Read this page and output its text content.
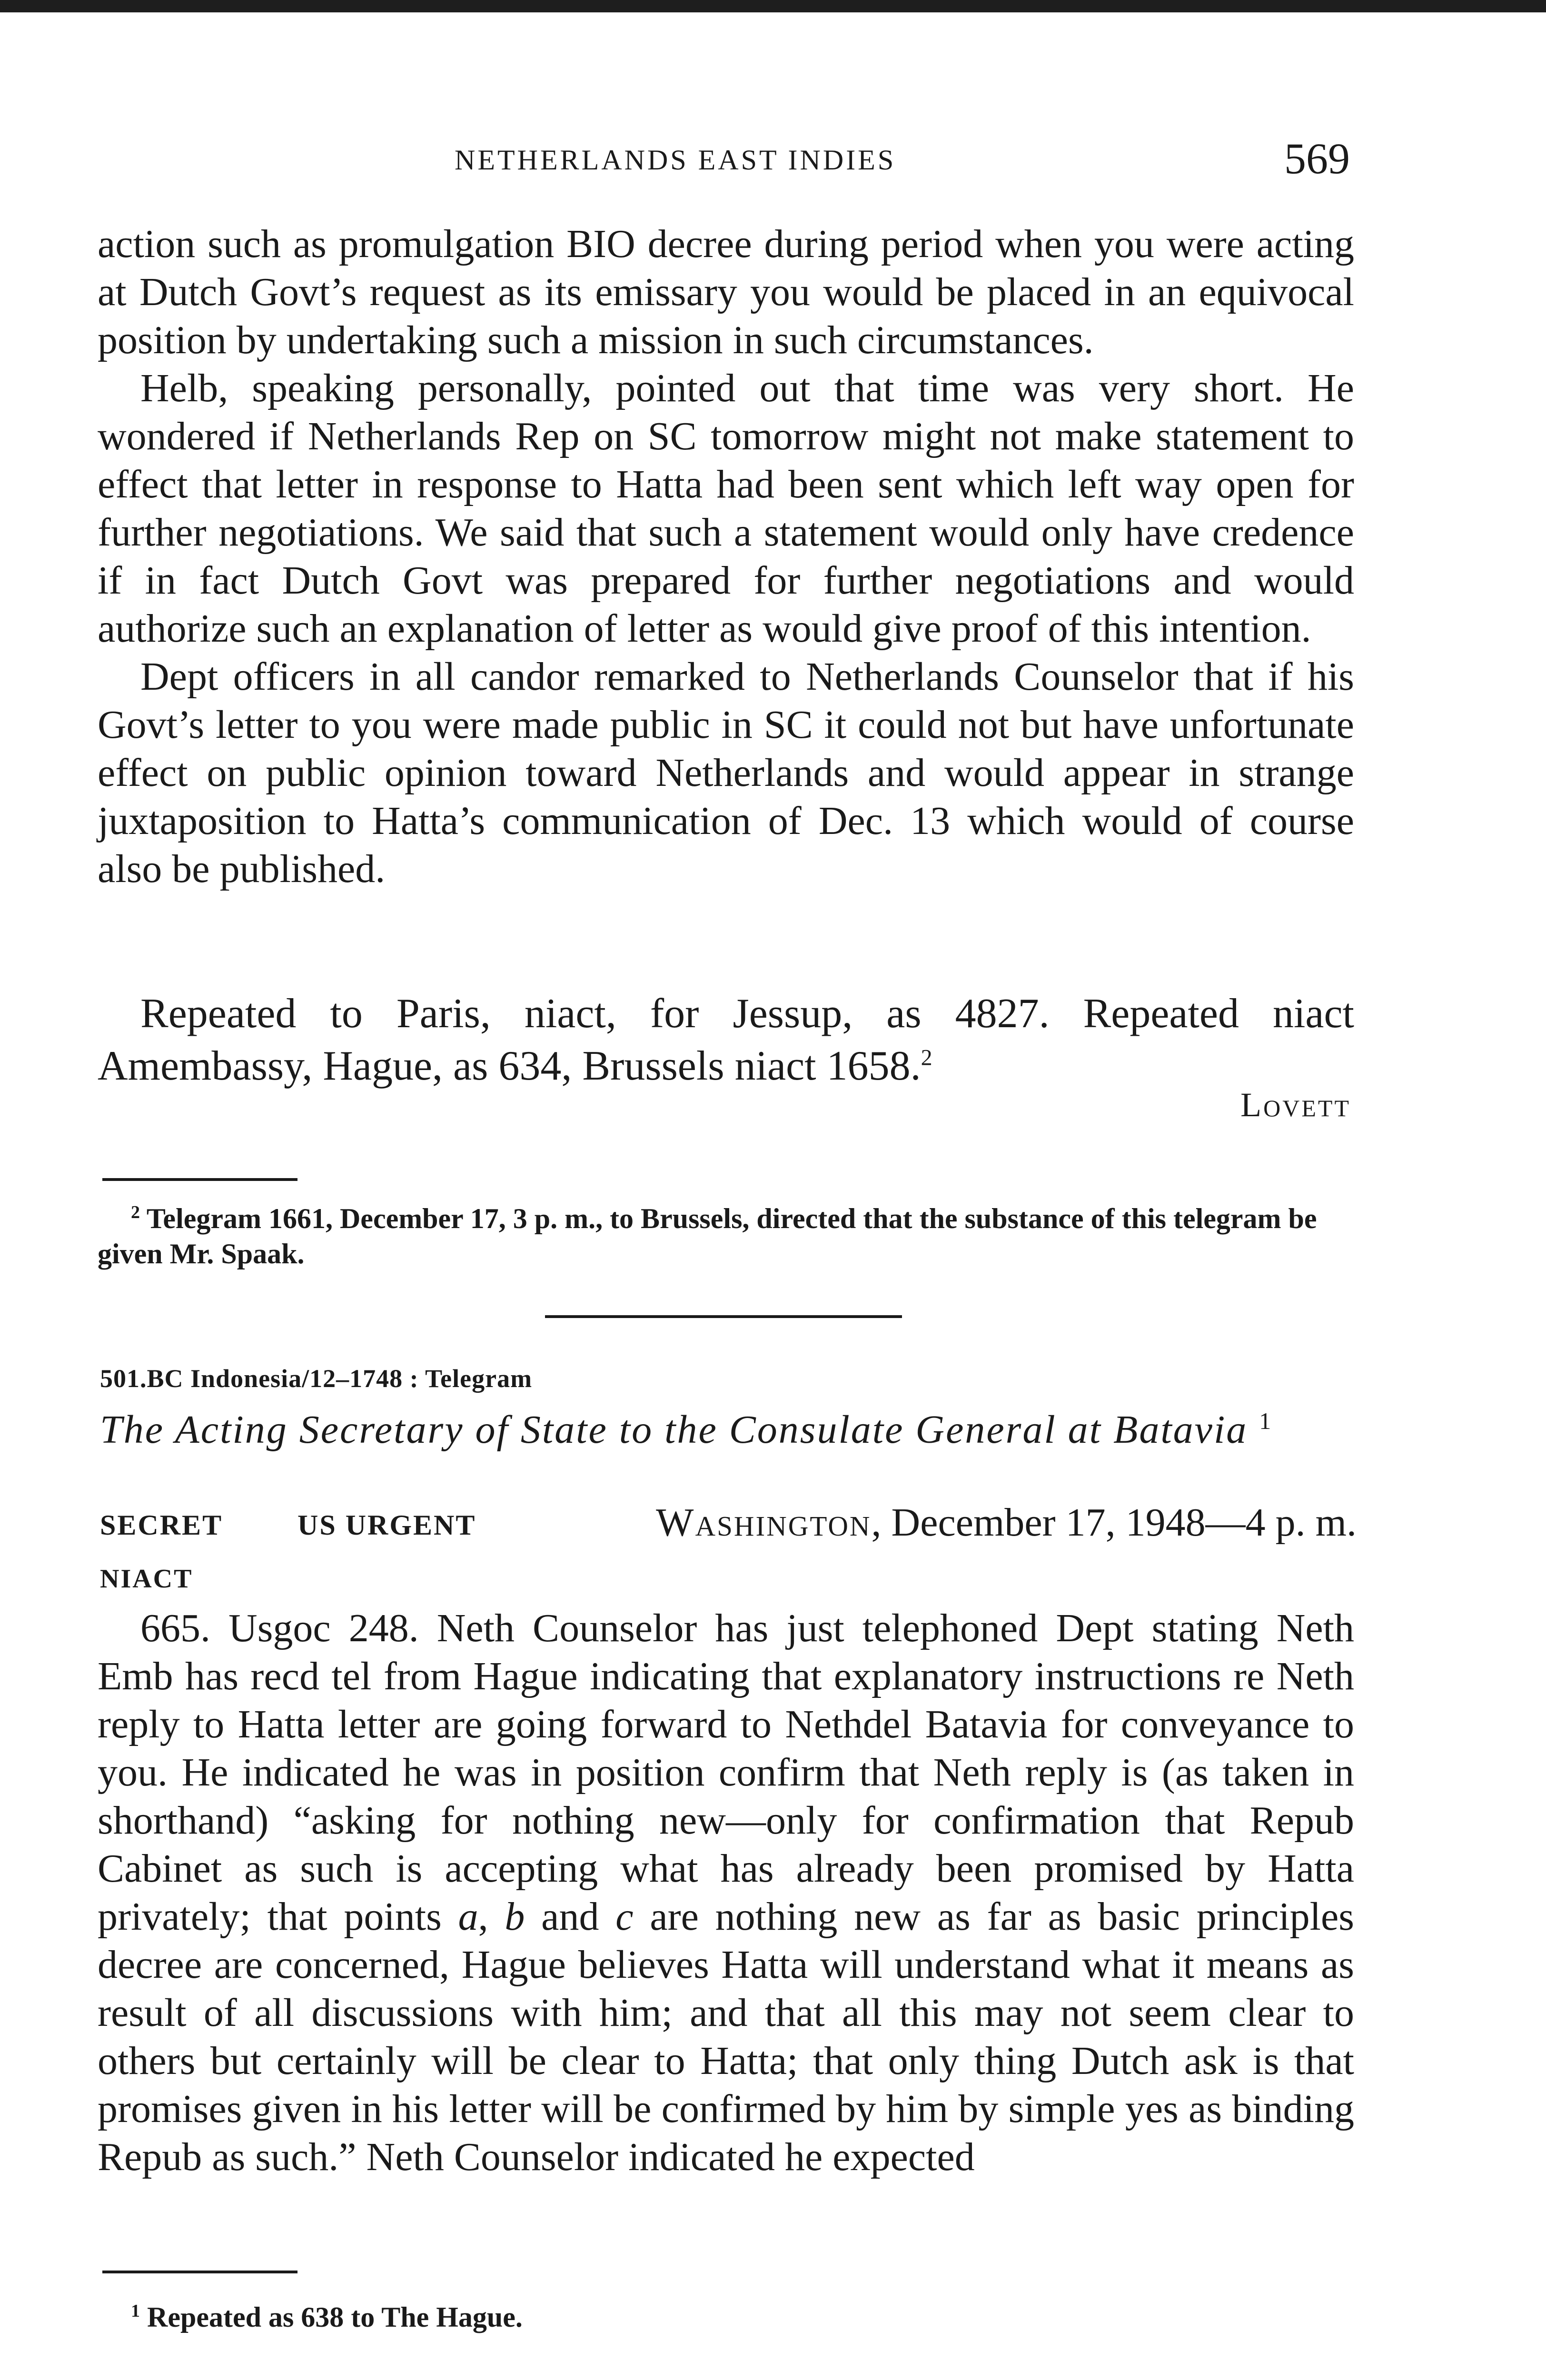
NETHERLANDS EAST INDIES	569

action such as promulgation BIO decree during period when you were acting at Dutch Govt’s request as its emissary you would be placed in an equivocal position by undertaking such a mission in such circumstances.

Helb, speaking personally, pointed out that time was very short. He wondered if Netherlands Rep on SC tomorrow might not make statement to effect that letter in response to Hatta had been sent which left way open for further negotiations. We said that such a statement would only have credence if in fact Dutch Govt was prepared for further negotiations and would authorize such an explanation of letter as would give proof of this intention.

Dept officers in all candor remarked to Netherlands Counselor that if his Govt’s letter to you were made public in SC it could not but have unfortunate effect on public opinion toward Netherlands and would appear in strange juxtaposition to Hatta’s communication of Dec. 13 which would of course also be published.

Repeated to Paris, niact, for Jessup, as 4827. Repeated niact Amembassy, Hague, as 634, Brussels niact 1658.$^2$

Lovett
$^2$ Telegram 1661, December 17, 3 p. m., to Brussels, directed that the substance of this telegram be given Mr. Spaak.
501.BC Indonesia/12–1748 : Telegram
The Acting Secretary of State to the Consulate General at Batavia $^1$
SECRET	US URGENT	Washington, December 17, 1948—4 p. m.
NIACT

665. Usgoc 248. Neth Counselor has just telephoned Dept stating Neth Emb has recd tel from Hague indicating that explanatory instructions re Neth reply to Hatta letter are going forward to Nethdel Batavia for conveyance to you. He indicated he was in position confirm that Neth reply is (as taken in shorthand) “asking for nothing new—only for confirmation that Repub Cabinet as such is accepting what has already been promised by Hatta privately; that points a, b and c are nothing new as far as basic principles decree are concerned, Hague believes Hatta will understand what it means as result of all discussions with him; and that all this may not seem clear to others but certainly will be clear to Hatta; that only thing Dutch ask is that promises given in his letter will be confirmed by him by simple yes as binding Repub as such.” Neth Counselor indicated he expected

$^1$ Repeated as 638 to The Hague.
